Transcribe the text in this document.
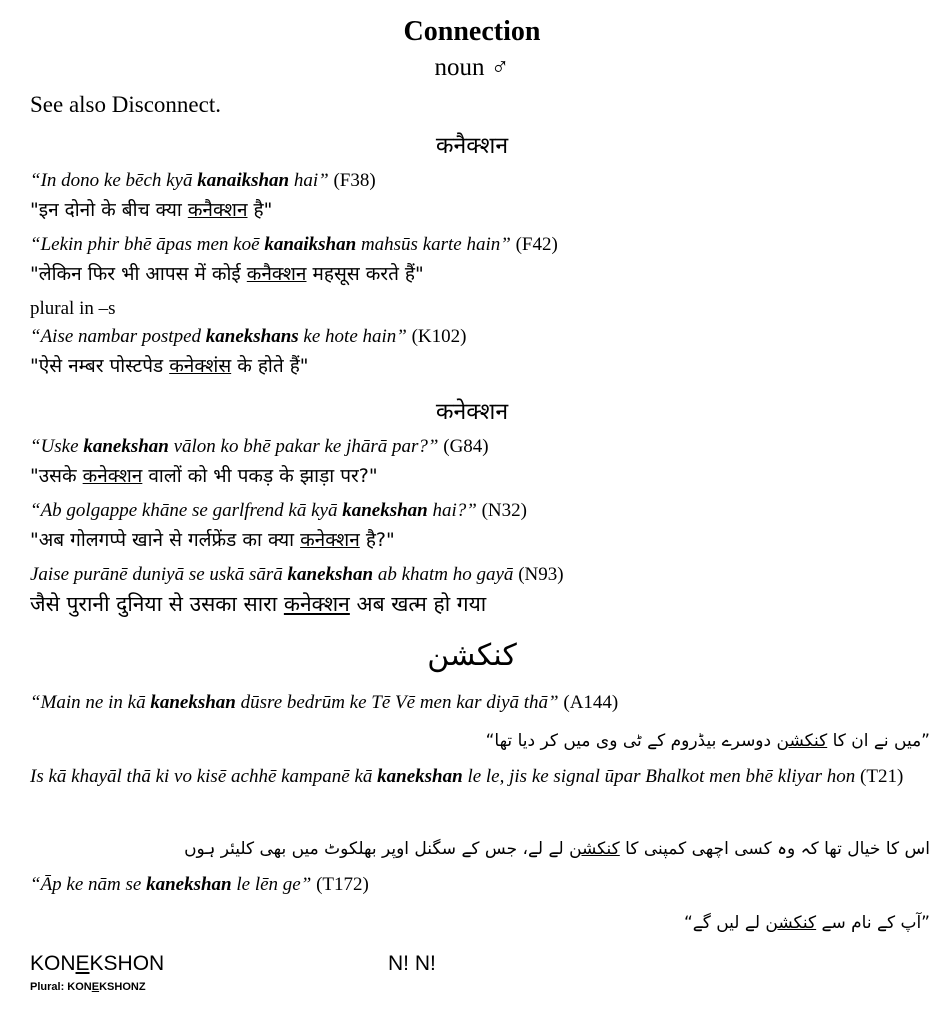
Connection
noun ♂
See also Disconnect.
कनैक्शन
“In dono ke bēch kyā kanaikshan hai” (F38)
"इन दोनो के बीच क्या कनैक्शन है"
“Lekin phir bhē āpas men koē kanaikshan mahsūs karte hain” (F42)
"लेकिन फिर भी आपस में कोई कनैक्शन महसूस करते हैं"
plural in –s
“Aise nambar postped kanekshans ke hote hain” (K102)
"ऐसे नम्बर पोस्टपेड कनेक्शंस के होते हैं"
कनेक्शन
“Uske kanekshan vālon ko bhē pakar ke jhārā par?” (G84)
"उसके कनेक्शन वालों को भी पकड़ के झाड़ा पर?"
“Ab golgappe khāne se garlfrend kā kyā kanekshan hai?” (N32)
"अब गोलगप्पे खाने से गर्लफ्रेंड का क्या कनेक्शन है?"
Jaise purānē duniyā se uskā sārā kanekshan ab khatm ho gayā (N93)
जैसे पुरानी दुनिया से उसका सारा कनेक्शन अब खत्म हो गया
کنکشن
“Main ne in kā kanekshan dūsre bedrūm ke Tē Vē men kar diyā thā” (A144)
”میں نے ان کا کنکشن دوسرے بیڈروم کے ٹی وی میں کر دیا تھا“
Is kā khayāl thā ki vo kisē achhē kampanē kā kanekshan le le, jis ke signal ūpar Bhalkot men bhē kliyar hon (T21)
اس کا خیال تھا کہ وہ کسی اچھی کمپنی کا کنکشن لے لے، جس کے سگنل اوپر بھلکوٹ میں بھی کلیئر ہوں
“Āp ke nām se kanekshan le lēn ge” (T172)
”آپ کے نام سے کنکشن لے لیں گے“
KONEKSHON	N! N!
Plural: KONEKSHONZ
